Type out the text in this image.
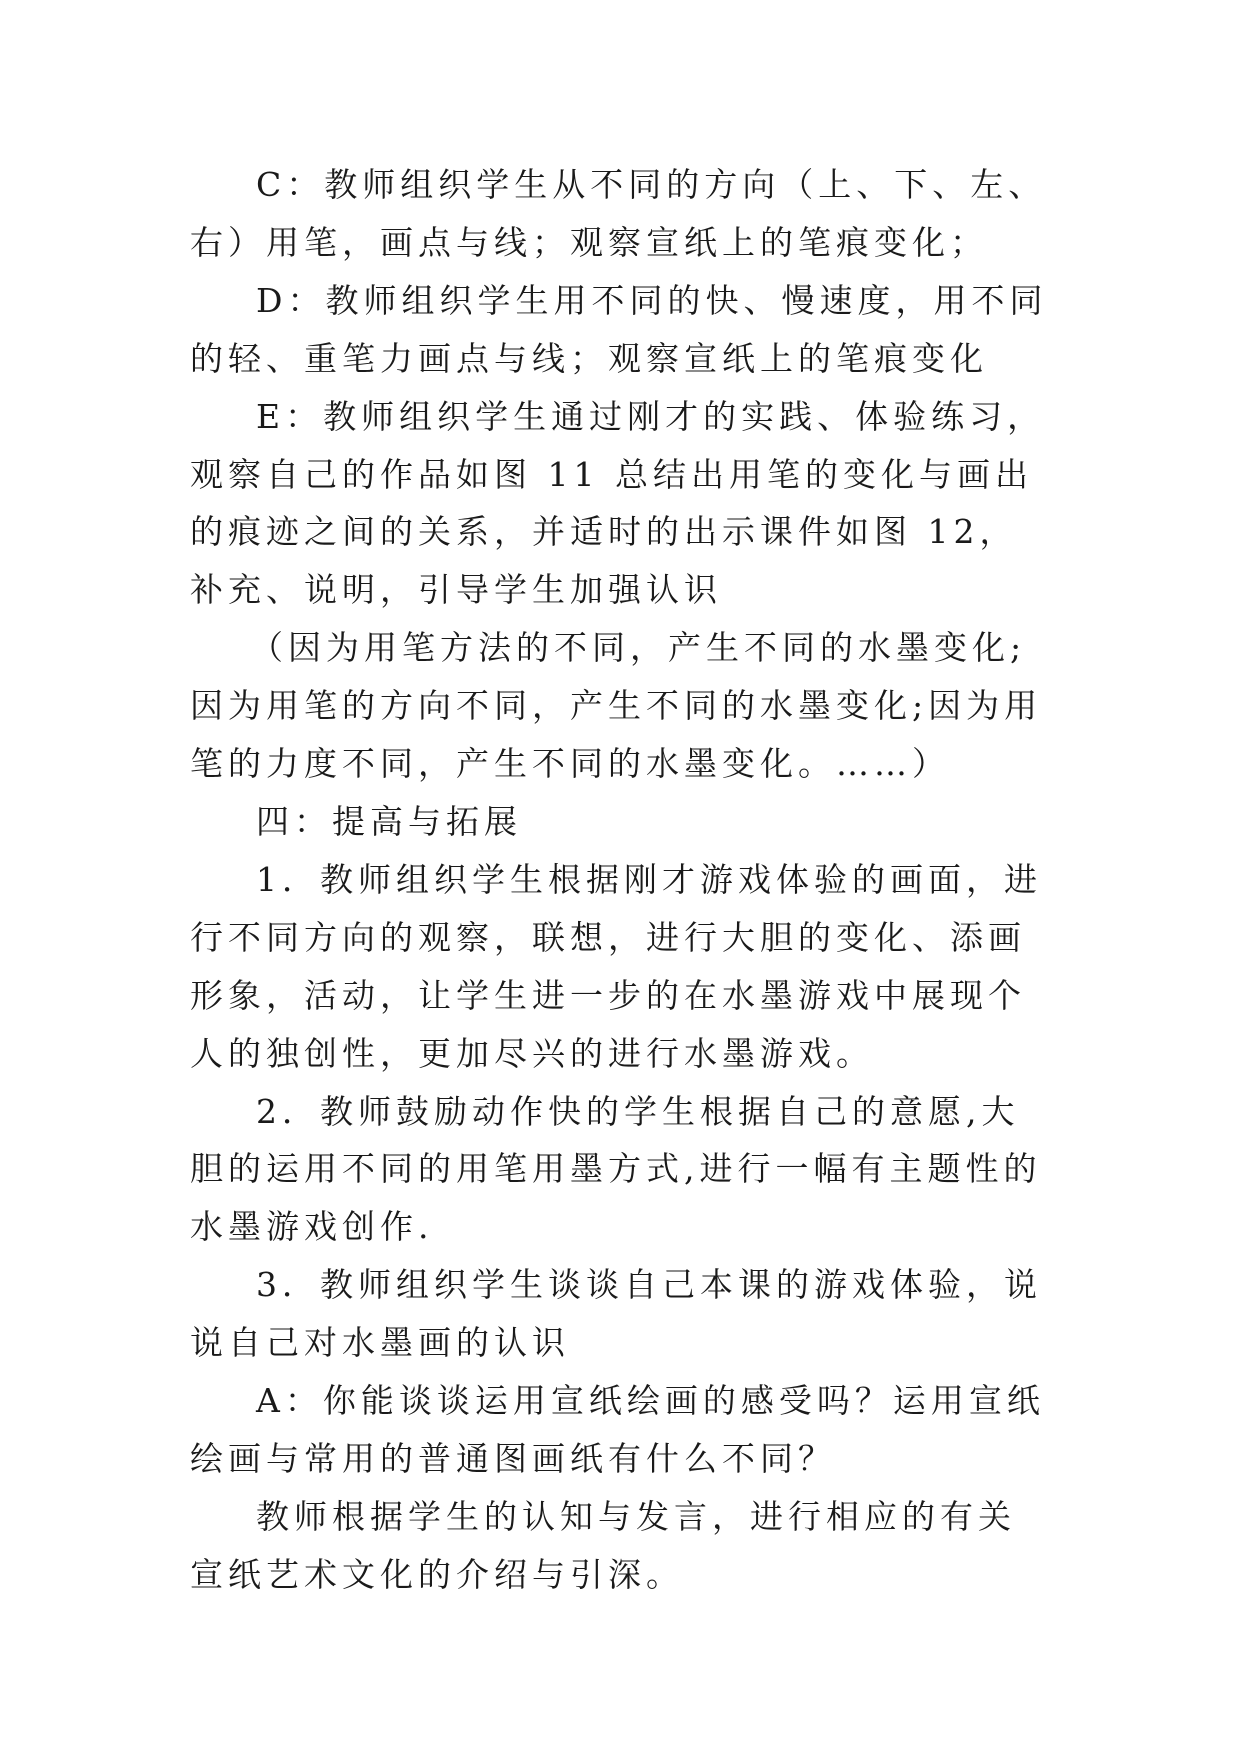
C：教师组织学生从不同的方向（上、下、左、右）用笔，画点与线；观察宣纸上的笔痕变化；

D：教师组织学生用不同的快、慢速度，用不同的轻、重笔力画点与线；观察宣纸上的笔痕变化

E：教师组织学生通过刚才的实践、体验练习，观察自己的作品如图 11 总结出用笔的变化与画出的痕迹之间的关系，并适时的出示课件如图 12，补充、说明，引导学生加强认识

（因为用笔方法的不同，产生不同的水墨变化;因为用笔的方向不同，产生不同的水墨变化;因为用笔的力度不同，产生不同的水墨变化。……）

四：提高与拓展

1．教师组织学生根据刚才游戏体验的画面，进行不同方向的观察，联想，进行大胆的变化、添画形象，活动，让学生进一步的在水墨游戏中展现个人的独创性，更加尽兴的进行水墨游戏。

2．教师鼓励动作快的学生根据自己的意愿,大胆的运用不同的用笔用墨方式,进行一幅有主题性的水墨游戏创作.

3．教师组织学生谈谈自己本课的游戏体验，说说自己对水墨画的认识

A：你能谈谈运用宣纸绘画的感受吗？运用宣纸绘画与常用的普通图画纸有什么不同？

教师根据学生的认知与发言，进行相应的有关宣纸艺术文化的介绍与引深。
